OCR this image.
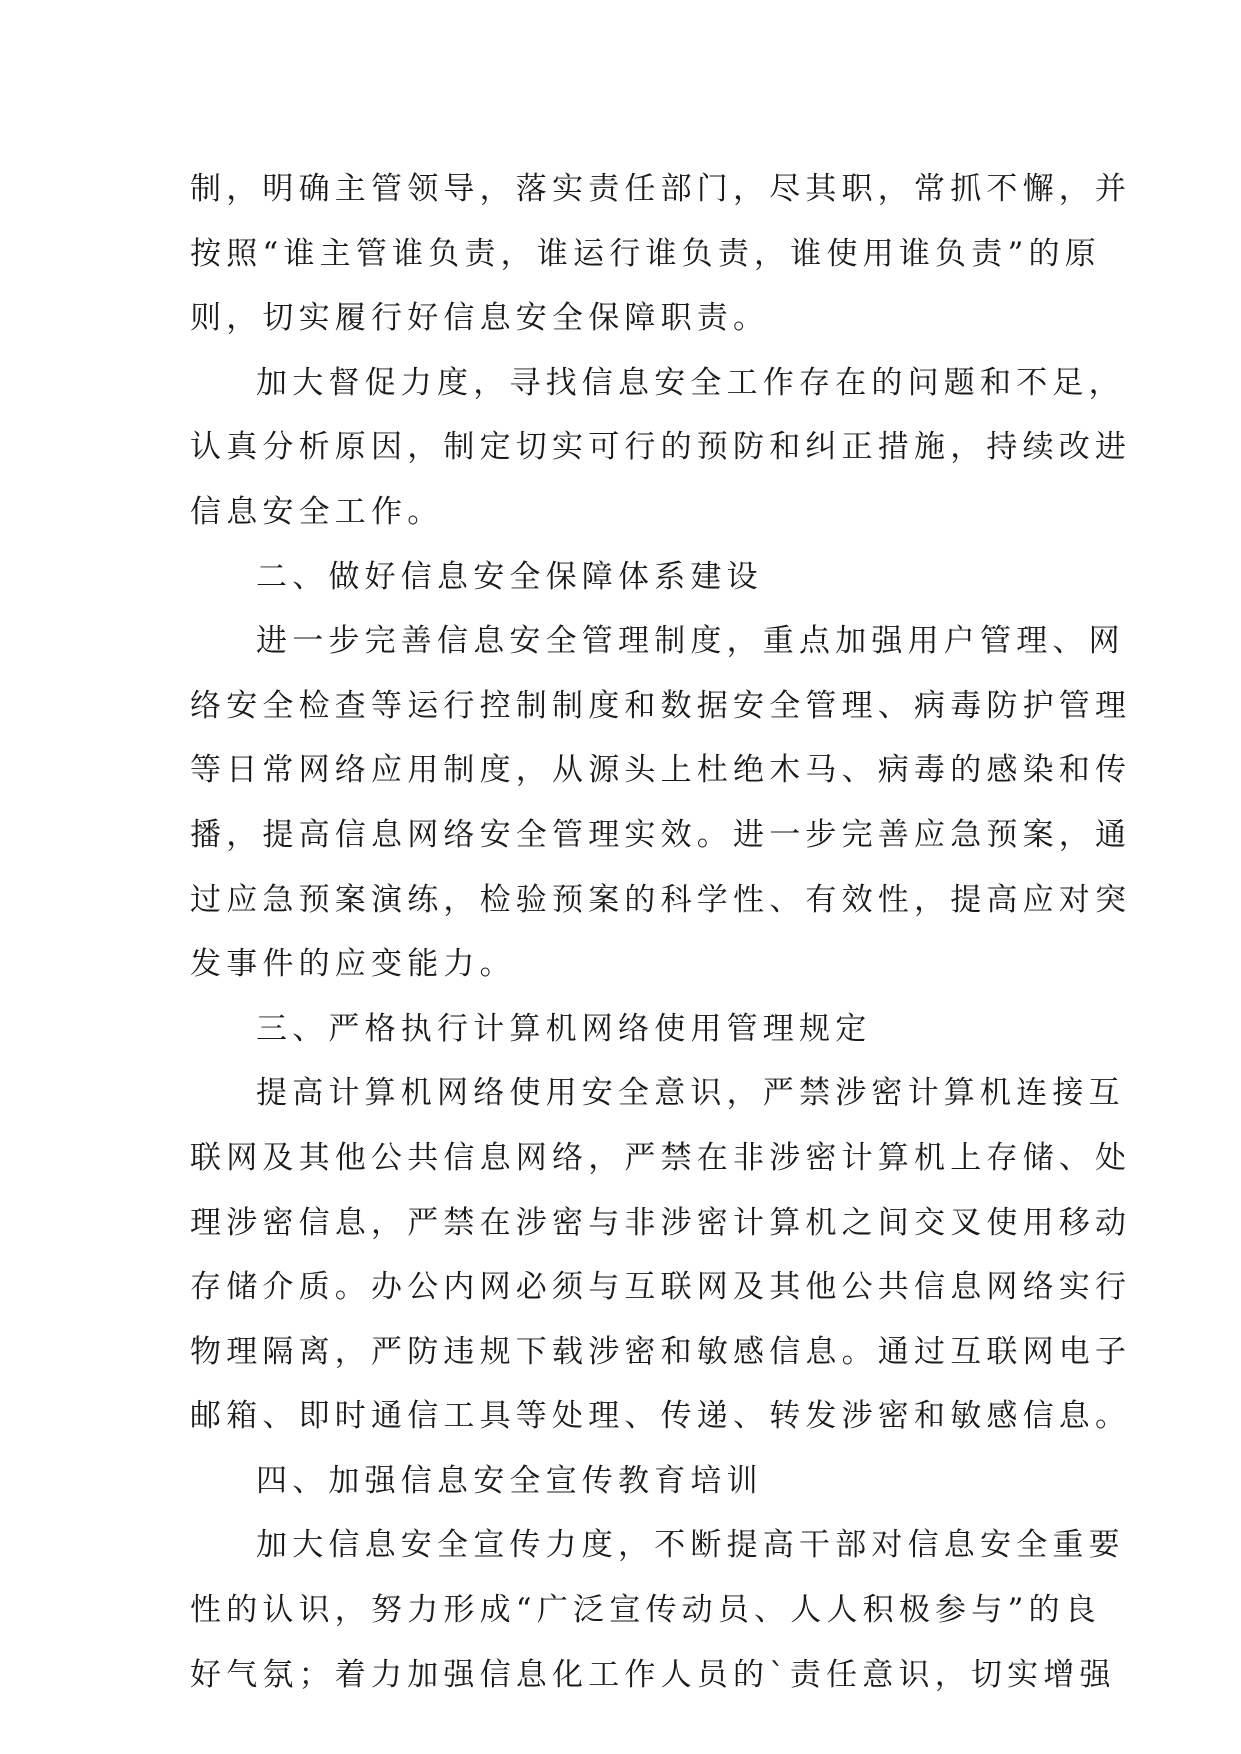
制，明确主管领导，落实责任部门，尽其职，常抓不懈，并
按照“谁主管谁负责，谁运行谁负责，谁使用谁负责”的原
则，切实履行好信息安全保障职责。
加大督促力度，寻找信息安全工作存在的问题和不足，
认真分析原因，制定切实可行的预防和纠正措施，持续改进
信息安全工作。
二、做好信息安全保障体系建设
进一步完善信息安全管理制度，重点加强用户管理、网
络安全检查等运行控制制度和数据安全管理、病毒防护管理
等日常网络应用制度，从源头上杜绝木马、病毒的感染和传
播，提高信息网络安全管理实效。进一步完善应急预案，通
过应急预案演练，检验预案的科学性、有效性，提高应对突
发事件的应变能力。
三、严格执行计算机网络使用管理规定
提高计算机网络使用安全意识，严禁涉密计算机连接互
联网及其他公共信息网络，严禁在非涉密计算机上存储、处
理涉密信息，严禁在涉密与非涉密计算机之间交叉使用移动
存储介质。办公内网必须与互联网及其他公共信息网络实行
物理隔离，严防违规下载涉密和敏感信息。通过互联网电子
邮箱、即时通信工具等处理、传递、转发涉密和敏感信息。
四、加强信息安全宣传教育培训
加大信息安全宣传力度，不断提高干部对信息安全重要
性的认识，努力形成“广泛宣传动员、人人积极参与”的良
好气氛；着力加强信息化工作人员的`责任意识，切实增强
